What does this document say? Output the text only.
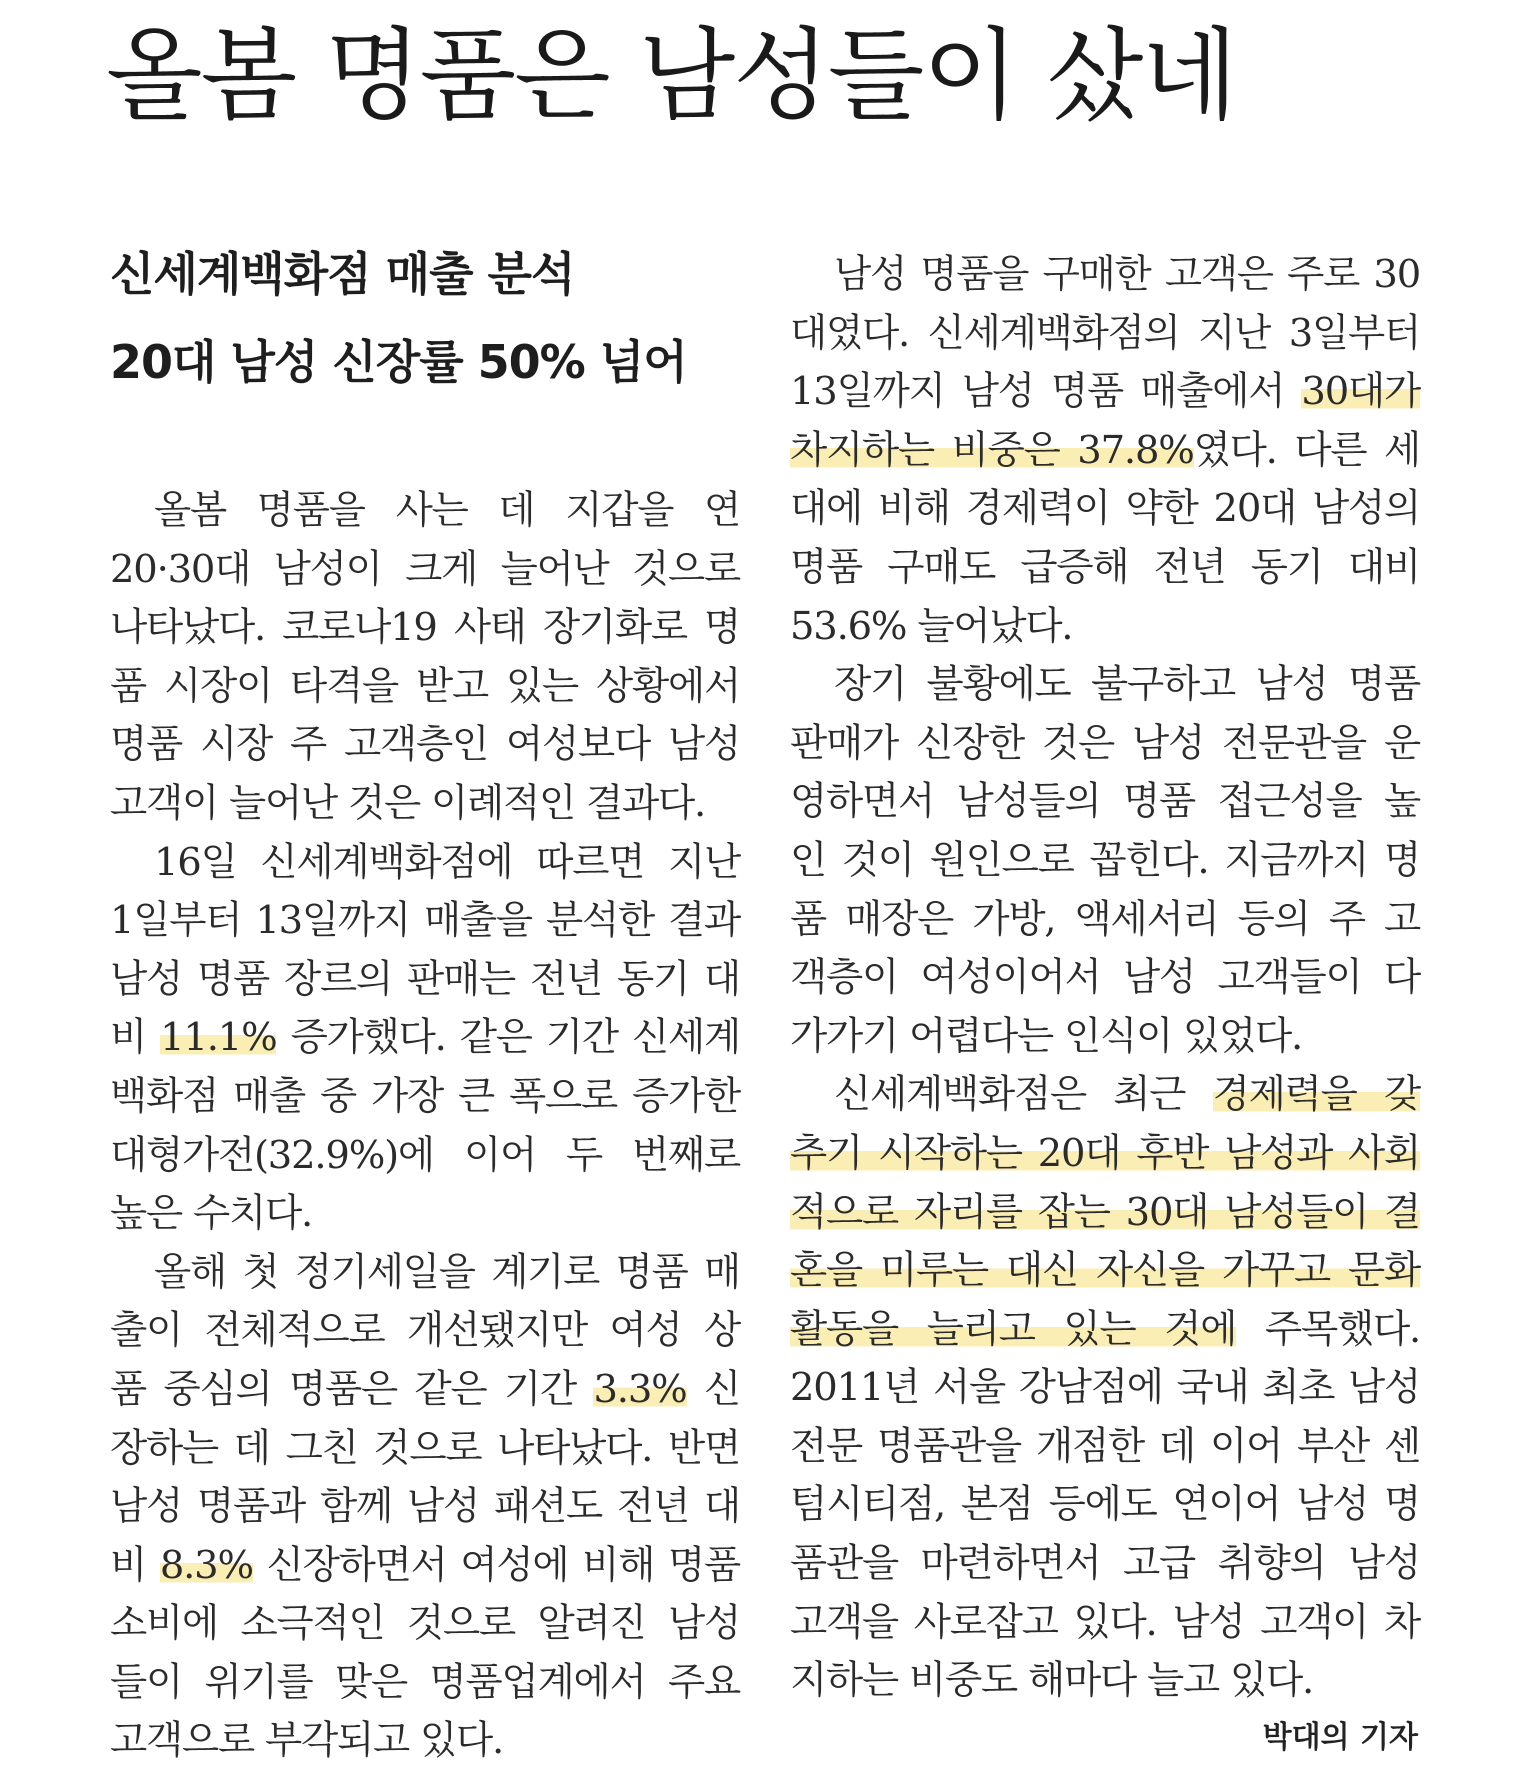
올봄 명품은 남성들이 샀네
신세계백화점 매출 분석
20대 남성 신장률 50% 넘어
올봄 명품을 사는 데 지갑을 연
20·30대 남성이 크게 늘어난 것으로
나타났다. 코로나19 사태 장기화로 명
품 시장이 타격을 받고 있는 상황에서
명품 시장 주 고객층인 여성보다 남성
고객이 늘어난 것은 이례적인 결과다.
16일 신세계백화점에 따르면 지난
1일부터 13일까지 매출을 분석한 결과
남성 명품 장르의 판매는 전년 동기 대
비 11.1% 증가했다. 같은 기간 신세계
백화점 매출 중 가장 큰 폭으로 증가한
대형가전(32.9%)에 이어 두 번째로
높은 수치다.
올해 첫 정기세일을 계기로 명품 매
출이 전체적으로 개선됐지만 여성 상
품 중심의 명품은 같은 기간 3.3% 신
장하는 데 그친 것으로 나타났다. 반면
남성 명품과 함께 남성 패션도 전년 대
비 8.3% 신장하면서 여성에 비해 명품
소비에 소극적인 것으로 알려진 남성
들이 위기를 맞은 명품업계에서 주요
고객으로 부각되고 있다.
남성 명품을 구매한 고객은 주로 30
대였다. 신세계백화점의 지난 3일부터
13일까지 남성 명품 매출에서 30대가
차지하는 비중은 37.8%였다. 다른 세
대에 비해 경제력이 약한 20대 남성의
명품 구매도 급증해 전년 동기 대비
53.6% 늘어났다.
장기 불황에도 불구하고 남성 명품
판매가 신장한 것은 남성 전문관을 운
영하면서 남성들의 명품 접근성을 높
인 것이 원인으로 꼽힌다. 지금까지 명
품 매장은 가방, 액세서리 등의 주 고
객층이 여성이어서 남성 고객들이 다
가가기 어렵다는 인식이 있었다.
신세계백화점은 최근 경제력을 갖
추기 시작하는 20대 후반 남성과 사회
적으로 자리를 잡는 30대 남성들이 결
혼을 미루는 대신 자신을 가꾸고 문화
활동을 늘리고 있는 것에 주목했다.
2011년 서울 강남점에 국내 최초 남성
전문 명품관을 개점한 데 이어 부산 센
텀시티점, 본점 등에도 연이어 남성 명
품관을 마련하면서 고급 취향의 남성
고객을 사로잡고 있다. 남성 고객이 차
지하는 비중도 해마다 늘고 있다.
박대의 기자
